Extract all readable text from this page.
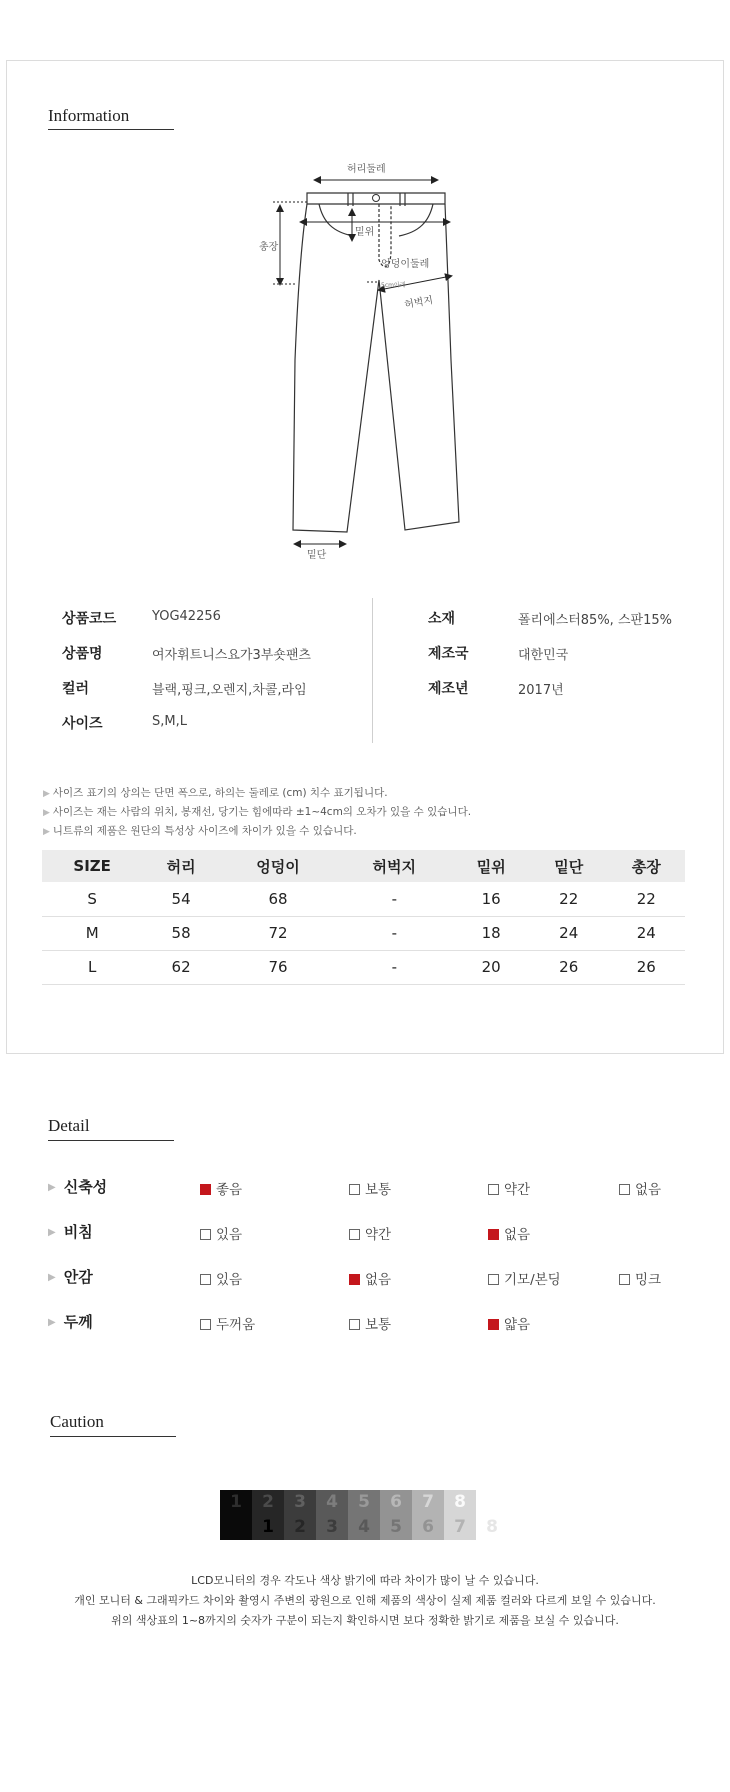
Information
허리둘레
총장
밑위
엉덩이둘레
5cm아래
허벅지
밑단
상품코드	YOG42256
상품명	여자휘트니스요가3부숏팬츠
컬러	블랙,핑크,오렌지,차콜,라임
사이즈	S,M,L
소재	폴리에스터85%, 스판15%
제조국	대한민국
제조년	2017년
▶ 사이즈 표기의 상의는 단면 폭으로, 하의는 둘레로 (cm) 치수 표기됩니다.
▶ 사이즈는 재는 사람의 위치, 봉재선, 당기는 힘에따라 ±1~4cm의 오차가 있을 수 있습니다.
▶ 니트류의 제품은 원단의 특성상 사이즈에 차이가 있을 수 있습니다.
SIZE	허리	엉덩이	허벅지	밑위	밑단	총장
S	54	68	-	16	22	22
M	58	72	-	18	24	24
L	62	76	-	20	26	26
Detail
▶ 신축성	좋음	보통	약간	없음
▶ 비침	있음	약간	없음
▶ 안감	있음	없음	기모/본딩	밍크
▶ 두께	두꺼움	보통	얇음
Caution
1	2	3	4	5	6	7	8
1	2	3	4	5	6	7	8
LCD모니터의 경우 각도나 색상 밝기에 따라 차이가 많이 날 수 있습니다.
개인 모니터 & 그래픽카드 차이와 촬영시 주변의 광원으로 인해 제품의 색상이 실제 제품 컬러와 다르게 보일 수 있습니다.
위의 색상표의 1~8까지의 숫자가 구분이 되는지 확인하시면 보다 정확한 밝기로 제품을 보실 수 있습니다.
